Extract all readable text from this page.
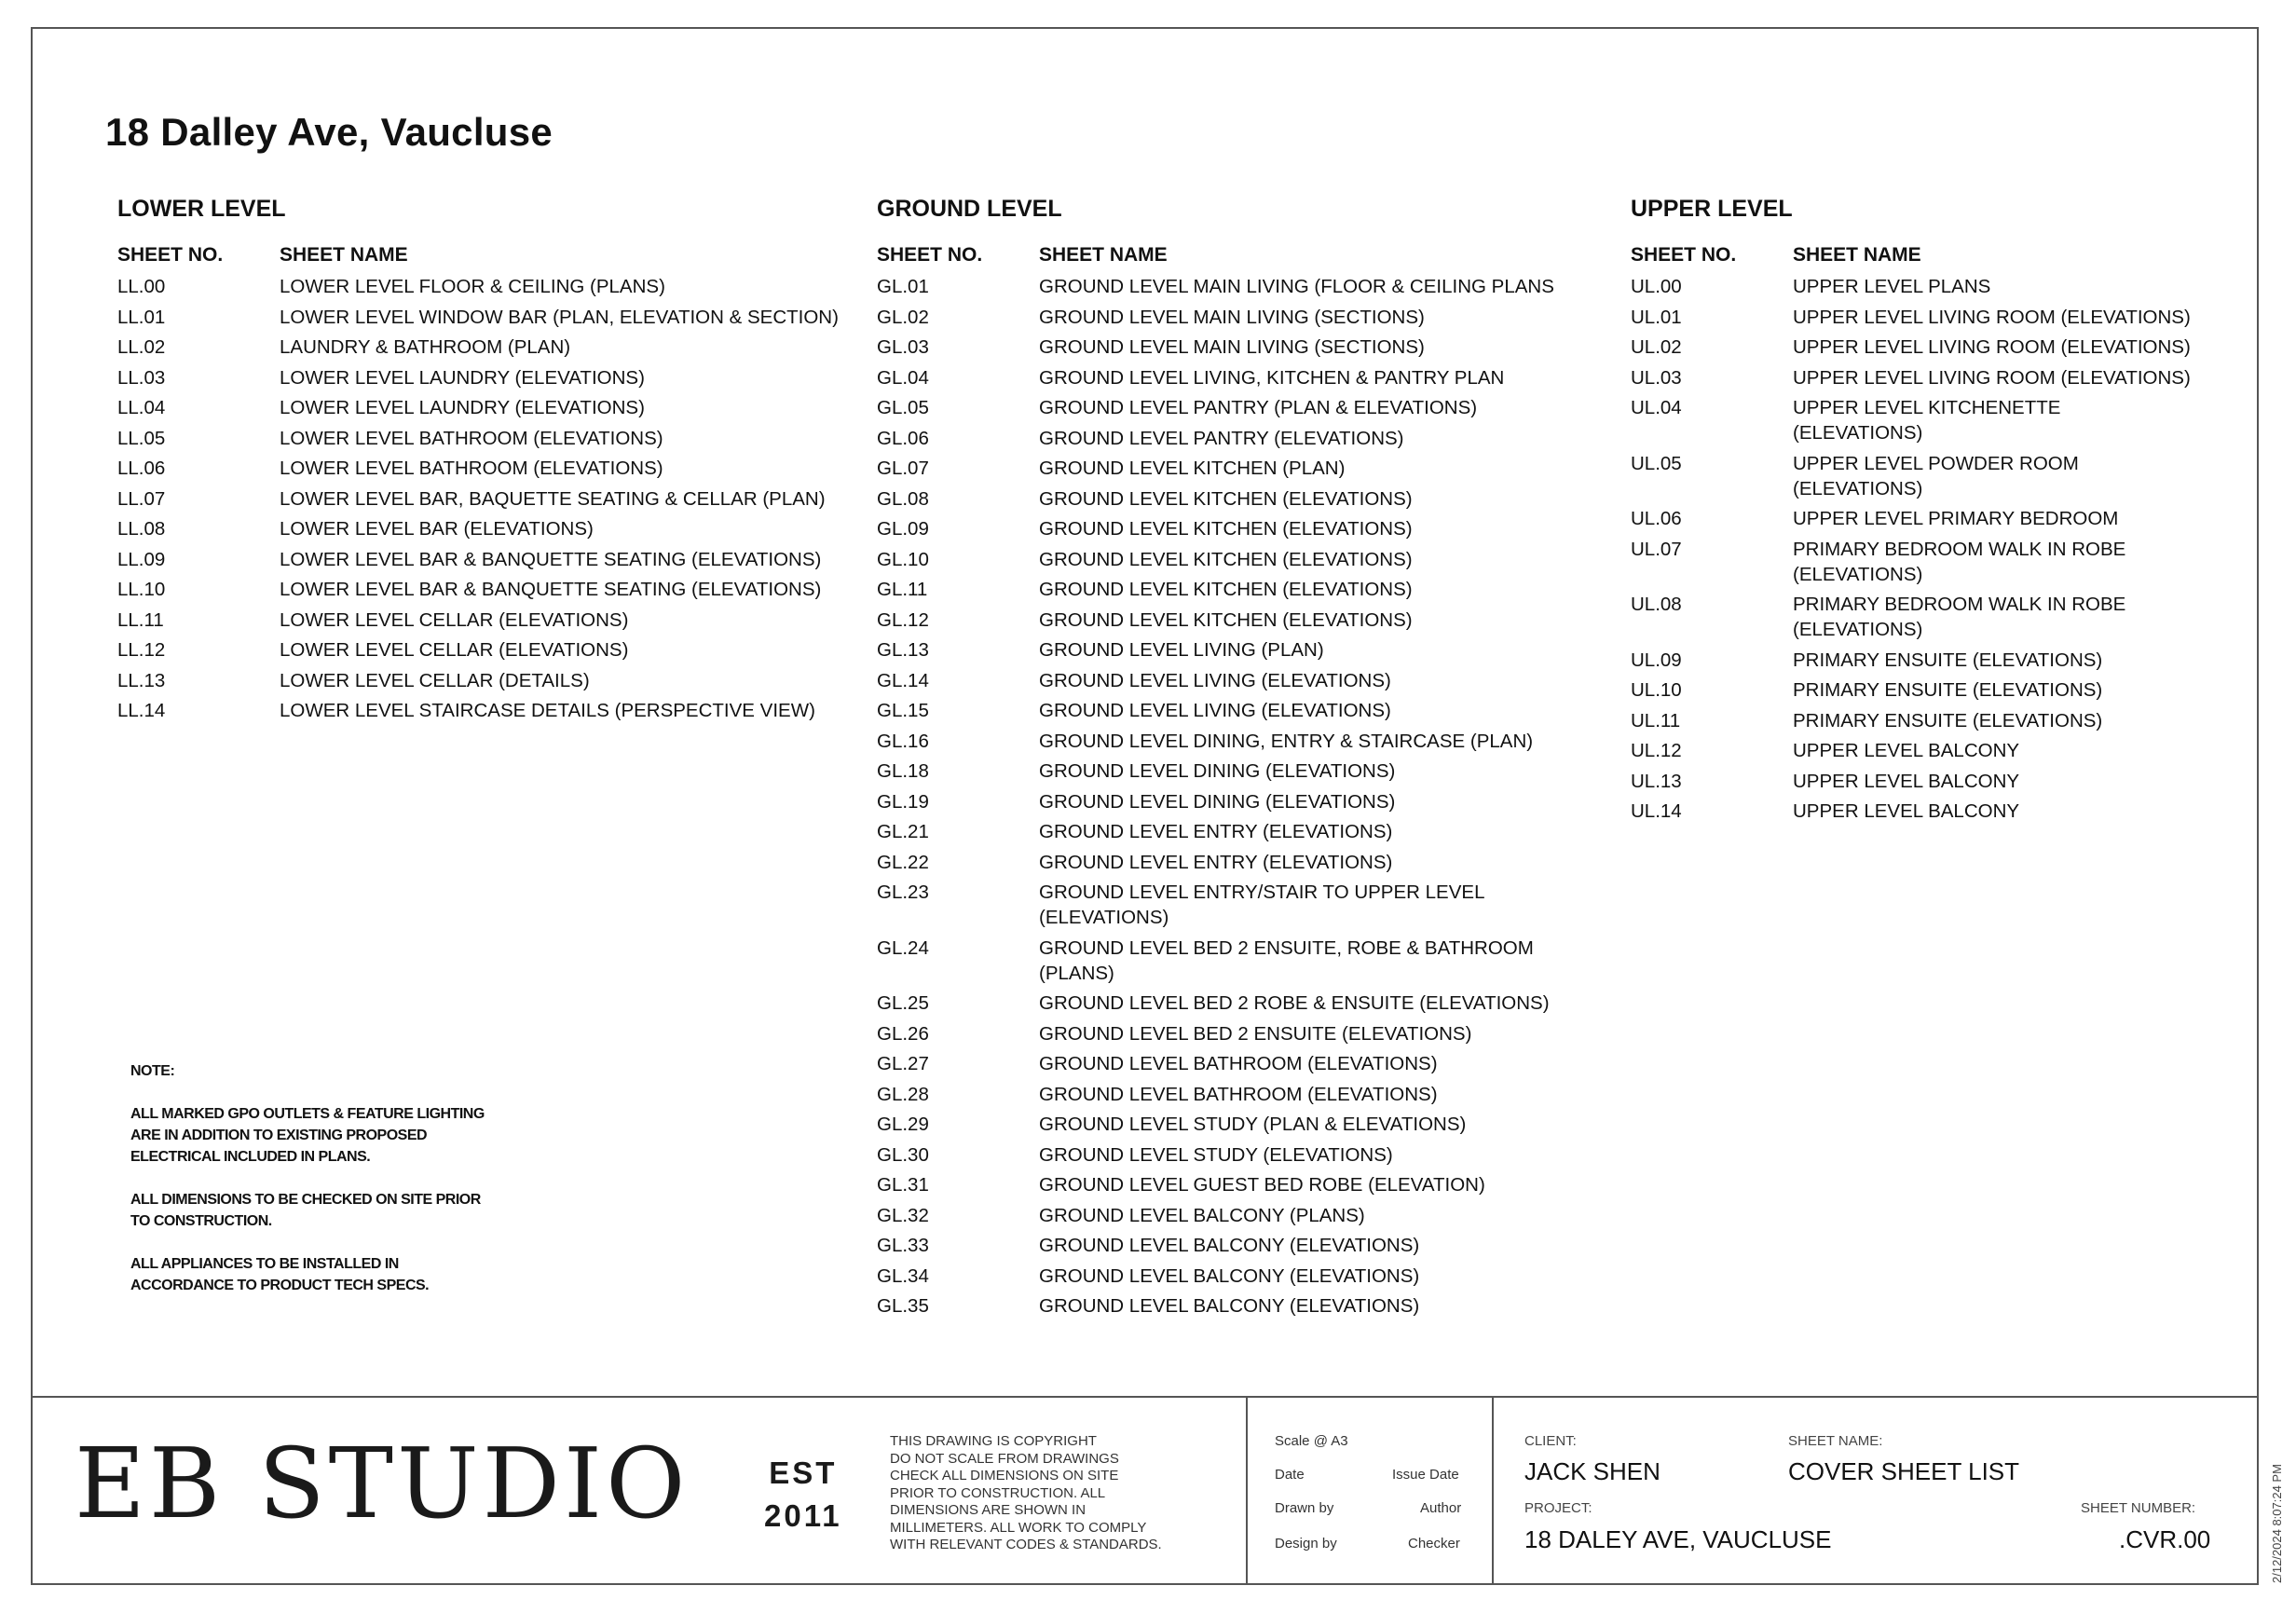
18 Dalley Ave, Vaucluse
LOWER LEVEL
SHEET NO.	SHEET NAME
LL.00	LOWER LEVEL FLOOR & CEILING (PLANS)
LL.01	LOWER LEVEL WINDOW BAR (PLAN, ELEVATION & SECTION)
LL.02	LAUNDRY & BATHROOM (PLAN)
LL.03	LOWER LEVEL LAUNDRY (ELEVATIONS)
LL.04	LOWER LEVEL LAUNDRY (ELEVATIONS)
LL.05	LOWER LEVEL BATHROOM (ELEVATIONS)
LL.06	LOWER LEVEL BATHROOM (ELEVATIONS)
LL.07	LOWER LEVEL BAR, BAQUETTE SEATING & CELLAR (PLAN)
LL.08	LOWER LEVEL BAR (ELEVATIONS)
LL.09	LOWER LEVEL BAR & BANQUETTE SEATING (ELEVATIONS)
LL.10	LOWER LEVEL BAR & BANQUETTE SEATING (ELEVATIONS)
LL.11	LOWER LEVEL CELLAR (ELEVATIONS)
LL.12	LOWER LEVEL CELLAR (ELEVATIONS)
LL.13	LOWER LEVEL CELLAR (DETAILS)
LL.14	LOWER LEVEL STAIRCASE DETAILS (PERSPECTIVE VIEW)
GROUND LEVEL
SHEET NO.	SHEET NAME
GL.01	GROUND LEVEL MAIN LIVING (FLOOR & CEILING PLANS
GL.02	GROUND LEVEL MAIN LIVING (SECTIONS)
GL.03	GROUND LEVEL MAIN LIVING (SECTIONS)
GL.04	GROUND LEVEL LIVING, KITCHEN & PANTRY PLAN
GL.05	GROUND LEVEL PANTRY (PLAN & ELEVATIONS)
GL.06	GROUND LEVEL PANTRY (ELEVATIONS)
GL.07	GROUND LEVEL KITCHEN (PLAN)
GL.08	GROUND LEVEL KITCHEN (ELEVATIONS)
GL.09	GROUND LEVEL KITCHEN (ELEVATIONS)
GL.10	GROUND LEVEL KITCHEN (ELEVATIONS)
GL.11	GROUND LEVEL KITCHEN (ELEVATIONS)
GL.12	GROUND LEVEL KITCHEN (ELEVATIONS)
GL.13	GROUND LEVEL LIVING (PLAN)
GL.14	GROUND LEVEL LIVING (ELEVATIONS)
GL.15	GROUND LEVEL LIVING (ELEVATIONS)
GL.16	GROUND LEVEL DINING, ENTRY & STAIRCASE (PLAN)
GL.18	GROUND LEVEL DINING (ELEVATIONS)
GL.19	GROUND LEVEL DINING (ELEVATIONS)
GL.21	GROUND LEVEL ENTRY (ELEVATIONS)
GL.22	GROUND LEVEL ENTRY (ELEVATIONS)
GL.23	GROUND LEVEL ENTRY/STAIR TO UPPER LEVEL (ELEVATIONS)
GL.24	GROUND LEVEL BED 2 ENSUITE, ROBE & BATHROOM (PLANS)
GL.25	GROUND LEVEL BED 2 ROBE & ENSUITE (ELEVATIONS)
GL.26	GROUND LEVEL BED 2 ENSUITE (ELEVATIONS)
GL.27	GROUND LEVEL BATHROOM (ELEVATIONS)
GL.28	GROUND LEVEL BATHROOM (ELEVATIONS)
GL.29	GROUND LEVEL STUDY (PLAN & ELEVATIONS)
GL.30	GROUND LEVEL STUDY (ELEVATIONS)
GL.31	GROUND LEVEL GUEST BED ROBE (ELEVATION)
GL.32	GROUND LEVEL BALCONY (PLANS)
GL.33	GROUND LEVEL BALCONY (ELEVATIONS)
GL.34	GROUND LEVEL BALCONY (ELEVATIONS)
GL.35	GROUND LEVEL BALCONY (ELEVATIONS)
UPPER LEVEL
SHEET NO.	SHEET NAME
UL.00	UPPER LEVEL PLANS
UL.01	UPPER LEVEL LIVING ROOM (ELEVATIONS)
UL.02	UPPER LEVEL LIVING ROOM (ELEVATIONS)
UL.03	UPPER LEVEL LIVING ROOM (ELEVATIONS)
UL.04	UPPER LEVEL KITCHENETTE (ELEVATIONS)
UL.05	UPPER LEVEL POWDER ROOM (ELEVATIONS)
UL.06	UPPER LEVEL PRIMARY BEDROOM
UL.07	PRIMARY BEDROOM WALK IN ROBE (ELEVATIONS)
UL.08	PRIMARY BEDROOM WALK IN ROBE (ELEVATIONS)
UL.09	PRIMARY ENSUITE (ELEVATIONS)
UL.10	PRIMARY ENSUITE (ELEVATIONS)
UL.11	PRIMARY ENSUITE (ELEVATIONS)
UL.12	UPPER LEVEL BALCONY
UL.13	UPPER LEVEL BALCONY
UL.14	UPPER LEVEL BALCONY

NOTE:

ALL MARKED GPO OUTLETS & FEATURE LIGHTING ARE IN ADDITION TO EXISTING PROPOSED ELECTRICAL INCLUDED IN PLANS.

ALL DIMENSIONS TO BE CHECKED ON SITE PRIOR TO CONSTRUCTION.

ALL APPLIANCES TO BE INSTALLED IN ACCORDANCE TO PRODUCT TECH SPECS.

EB STUDIO	EST
2011
THIS DRAWING IS COPYRIGHT
DO NOT SCALE FROM DRAWINGS
CHECK ALL DIMENSIONS ON SITE
PRIOR TO CONSTRUCTION. ALL
DIMENSIONS ARE SHOWN IN
MILLIMETERS. ALL WORK TO COMPLY
WITH RELEVANT CODES & STANDARDS.
Scale @ A3
Date	Issue Date
Drawn by	Author
Design by	Checker
CLIENT:
JACK SHEN
SHEET NAME:
COVER SHEET LIST
PROJECT:
18 DALEY AVE, VAUCLUSE
SHEET NUMBER:
.CVR.00	2/12/2024 8:07:24 PM
